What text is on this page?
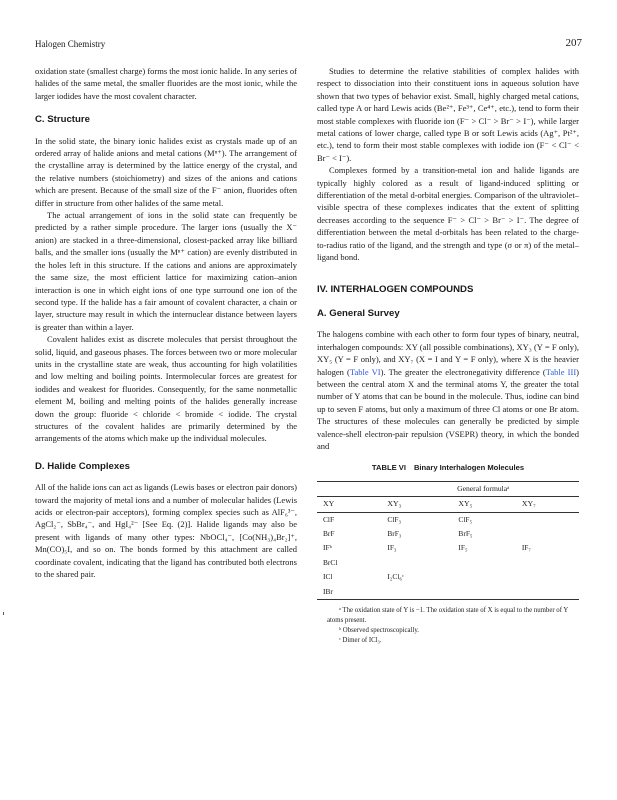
Halogen Chemistry	207

oxidation state (smallest charge) forms the most ionic halide. In any series of halides of the same metal, the smaller fluorides are the most ionic, while the larger iodides have the most covalent character.

C. Structure

In the solid state, the binary ionic halides exist as crystals made up of an ordered array of halide anions and metal cations (Mⁿ⁺). The arrangement of the crystalline array is determined by the lattice energy of the crystal, and the relative numbers (stoichiometry) and sizes of the anions and cations which are present. Because of the small size of the F⁻ anion, fluorides often differ in structure from other halides of the same metal.

The actual arrangement of ions in the solid state can frequently be predicted by a rather simple procedure. The larger ions (usually the X⁻ anion) are stacked in a three-dimensional, closest-packed array like billiard balls, and the smaller ions (usually the Mⁿ⁺ cation) are evenly distributed in the holes left in this structure. If the cations and anions are approximately the same size, the most efficient lattice for maximizing cation–anion interaction is one in which eight ions of one type surround one ion of the second type. If the halide has a fair amount of covalent character, a chain or layer, structure may result in which the internuclear distance between layers is greater than within a layer.

Covalent halides exist as discrete molecules that persist throughout the solid, liquid, and gaseous phases. The forces between two or more molecular units in the crystalline state are weak, thus accounting for high volatilities and low melting and boiling points. Intermolecular forces are greatest for iodides and weakest for fluorides. Consequently, for the same nonmetallic element M, boiling and melting points of the halides generally increase down the group: fluoride < chloride < bromide < iodide. The crystal structures of the covalent halides are primarily determined by the arrangements of the atoms which make up the individual molecules.

D. Halide Complexes

All of the halide ions can act as ligands (Lewis bases or electron pair donors) toward the majority of metal ions and a number of molecular halides (Lewis acids or electron-pair acceptors), forming complex species such as AlF₆³⁻, AgCl₂⁻, SbBr₄⁻, and HgI₄²⁻ [See Eq. (2)]. Halide ligands may also be present with ligands of many other types: NbOCl₄⁻, [Co(NH₃)₄Br₂]⁺, Mn(CO)₅I, and so on. The bonds formed by this attachment are called coordinate covalent, indicating that the ligand has contributed both electrons to the shared pair.

Studies to determine the relative stabilities of complex halides with respect to dissociation into their constituent ions in aqueous solution have shown that two types of behavior exist. Small, highly charged metal cations, called type A or hard Lewis acids (Be²⁺, Fe³⁺, Ce⁴⁺, etc.), tend to form their most stable complexes with fluoride ion (F⁻ > Cl⁻ > Br⁻ > I⁻), while larger metal cations of lower charge, called type B or soft Lewis acids (Ag⁺, Pt²⁺, etc.), tend to form their most stable complexes with iodide ion (F⁻ < Cl⁻ < Br⁻ < I⁻).

Complexes formed by a transition-metal ion and halide ligands are typically highly colored as a result of ligand-induced splitting or differentiation of the metal d-orbital energies. Comparison of the ultraviolet–visible spectra of these complexes indicates that the extent of splitting decreases according to the sequence F⁻ > Cl⁻ > Br⁻ > I⁻. The degree of differentiation between the metal d-orbitals has been related to the charge-to-radius ratio of the ligand, and the strength and type (σ or π) of the metal–ligand bond.

IV. INTERHALOGEN COMPOUNDS
A. General Survey

The halogens combine with each other to form four types of binary, neutral, interhalogen compounds: XY (all possible combinations), XY₃ (Y = F only), XY₅ (Y = F only), and XY₇ (X = I and Y = F only), where X is the heavier halogen (Table VI). The greater the electronegativity difference (Table III) between the central atom X and the terminal atoms Y, the greater the total number of Y atoms that can be bound in the molecule. Thus, iodine can bind up to seven F atoms, but only a maximum of three Cl atoms or one Br atom. The structures of these molecules can generally be predicted by simple valence-shell electron-pair repulsion (VSEPR) theory, in which the bonded and

TABLE VI Binary Interhalogen Molecules
	General formulaᵃ		
XY	XY₃	XY₅	XY₇
ClF	ClF₃	ClF₅	
BrF	BrF₃	BrF₅	
IFᵇ	IF₃	IF₅	IF₇
BrCl			
ICl	I₂Cl₆ᶜ		
IBr			
ᵃ The oxidation state of Y is −1. The oxidation state of X is equal to the number of Y atoms present.
ᵇ Observed spectroscopically.
ᶜ Dimer of ICl₃.
